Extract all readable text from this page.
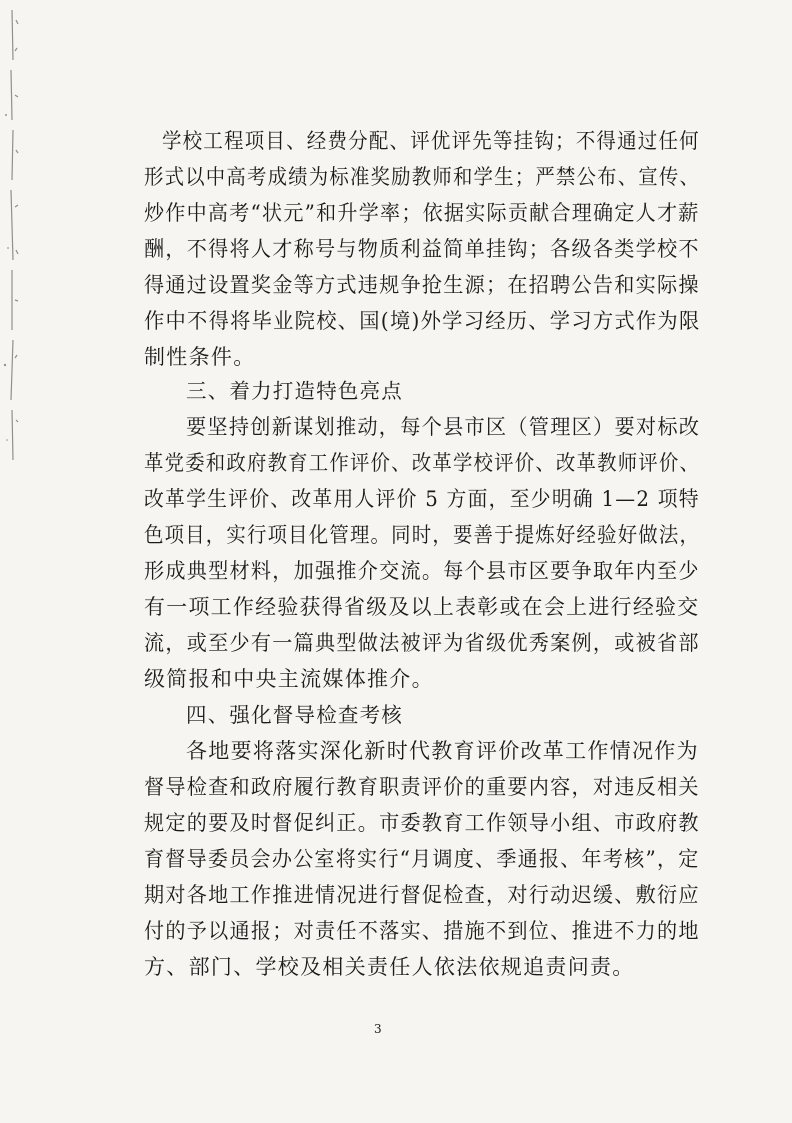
学校工程项目、经费分配、评优评先等挂钩；不得通过任何
形式以中高考成绩为标准奖励教师和学生；严禁公布、宣传、
炒作中高考“状元”和升学率；依据实际贡献合理确定人才薪
酬，不得将人才称号与物质利益简单挂钩；各级各类学校不
得通过设置奖金等方式违规争抢生源；在招聘公告和实际操
作中不得将毕业院校、国(境)外学习经历、学习方式作为限
制性条件。
三、着力打造特色亮点
要坚持创新谋划推动，每个县市区（管理区）要对标改
革党委和政府教育工作评价、改革学校评价、改革教师评价、
改革学生评价、改革用人评价 5 方面，至少明确 1—2 项特
色项目，实行项目化管理。同时，要善于提炼好经验好做法，
形成典型材料，加强推介交流。每个县市区要争取年内至少
有一项工作经验获得省级及以上表彰或在会上进行经验交
流，或至少有一篇典型做法被评为省级优秀案例，或被省部
级简报和中央主流媒体推介。
四、强化督导检查考核
各地要将落实深化新时代教育评价改革工作情况作为
督导检查和政府履行教育职责评价的重要内容，对违反相关
规定的要及时督促纠正。市委教育工作领导小组、市政府教
育督导委员会办公室将实行“月调度、季通报、年考核”，定
期对各地工作推进情况进行督促检查，对行动迟缓、敷衍应
付的予以通报；对责任不落实、措施不到位、推进不力的地
方、部门、学校及相关责任人依法依规追责问责。
3
